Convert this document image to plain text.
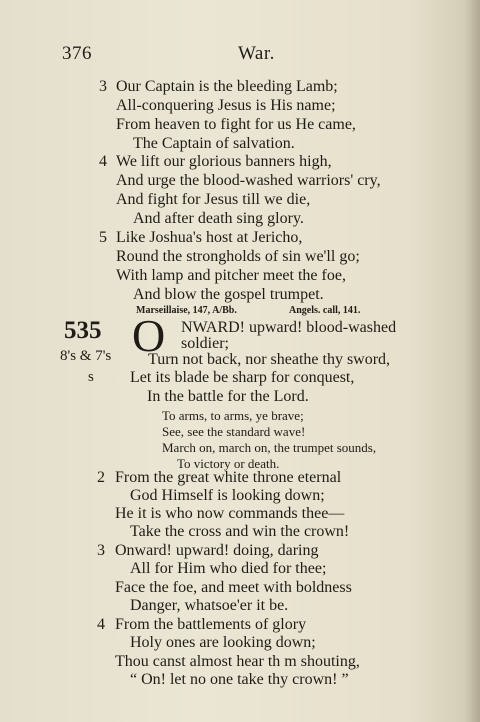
376	War.
3 Our Captain is the bleeding Lamb;
All-conquering Jesus is His name;
From heaven to fight for us He came,
The Captain of salvation.
4 We lift our glorious banners high,
And urge the blood-washed warriors' cry,
And fight for Jesus till we die,
And after death sing glory.
5 Like Joshua's host at Jericho,
Round the strongholds of sin we'll go;
With lamp and pitcher meet the foe,
And blow the gospel trumpet.
Marseillaise, 147, A/Bb.	Angels. call, 141.
535 O NWARD! upward! blood-washed
soldier;
8's & 7's
s
Turn not back, nor sheathe thy sword,
Let its blade be sharp for conquest,
In the battle for the Lord.
To arms, to arms, ye brave;
See, see the standard wave!
March on, march on, the trumpet sounds,
To victory or death.
2 From the great white throne eternal
God Himself is looking down;
He it is who now commands thee—
Take the cross and win the crown!
3 Onward! upward! doing, daring
All for Him who died for thee;
Face the foe, and meet with boldness
Danger, whatsoe'er it be.
4 From the battlements of glory
Holy ones are looking down;
Thou canst almost hear th m shouting,
“ On! let no one take thy crown! ”
